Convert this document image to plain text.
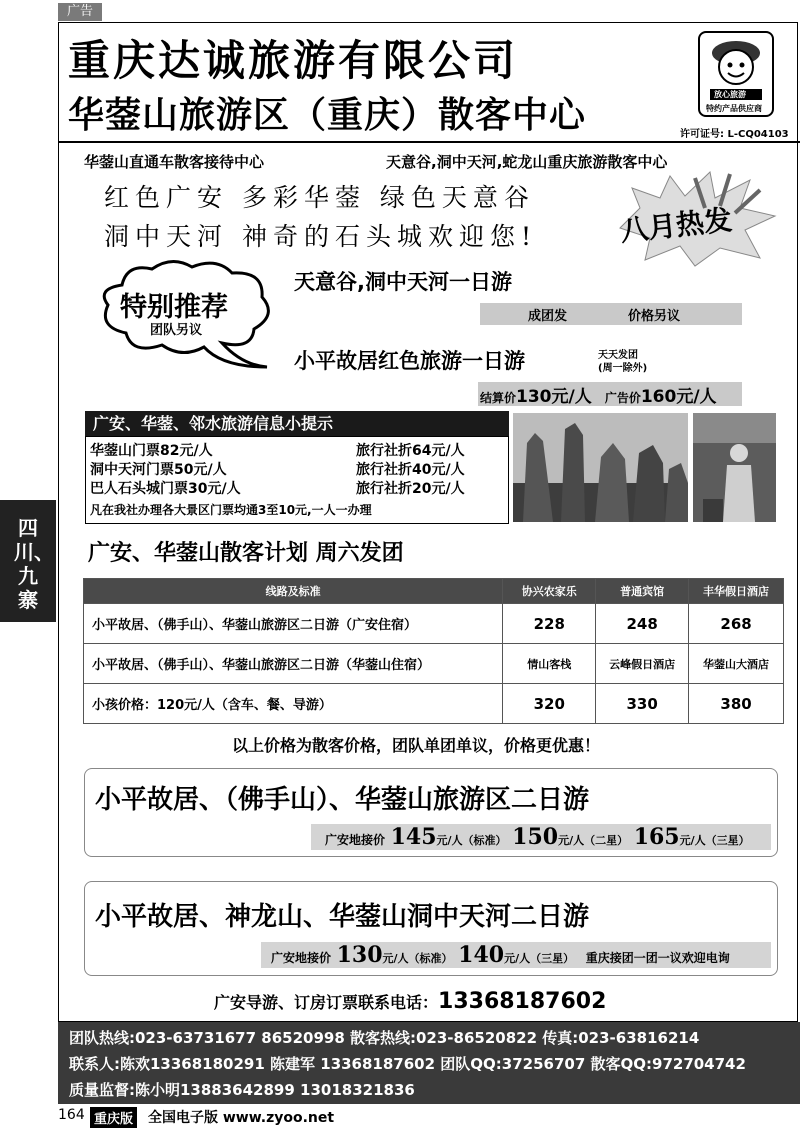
广告
重庆达诚旅游有限公司
华蓥山旅游区（重庆）散客中心
放心旅游
特约产品供应商
许可证号: L-CQ04103
华蓥山直通车散客接待中心	天意谷,洞中天河,蛇龙山重庆旅游散客中心
红色广安 多彩华蓥 绿色天意谷
洞中天河 神奇的石头城欢迎您!	八月热发
特别推荐
团队另议
天意谷,洞中天河一日游
成团发	价格另议
小平故居红色旅游一日游	天天发团
(周一除外)
结算价130元/人 广告价160元/人
广安、华蓥、邻水旅游信息小提示
华蓥山门票82元/人	旅行社折64元/人
洞中天河门票50元/人	旅行社折40元/人
巴人石头城门票30元/人	旅行社折20元/人
凡在我社办理各大景区门票均通3至10元,一人一办理
四川、九寨
广安、华蓥山散客计划 周六发团
线路及标准	协兴农家乐	普通宾馆	丰华假日酒店
小平故居、（佛手山）、华蓥山旅游区二日游（广安住宿）	228	248	268
小平故居、（佛手山）、华蓥山旅游区二日游（华蓥山住宿）	情山客栈	云峰假日酒店	华蓥山大酒店
小孩价格：120元/人（含车、餐、导游）	320	330	380
以上价格为散客价格，团队单团单议，价格更优惠！
小平故居、（佛手山）、华蓥山旅游区二日游
广安地接价 145元/人（标准） 150元/人（二星） 165元/人（三星）
小平故居、神龙山、华蓥山洞中天河二日游
广安地接价 130元/人（标准） 140元/人（三星） 重庆接团一团一议欢迎电询
广安导游、订房订票联系电话：13368187602
团队热线:023-63731677 86520998 散客热线:023-86520822 传真:023-63816214
联系人:陈欢13368180291 陈建军 13368187602 团队QQ:37256707 散客QQ:972704742
质量监督:陈小明13883642899 13018321836
164 重庆版 全国电子版 www.zyoo.net
